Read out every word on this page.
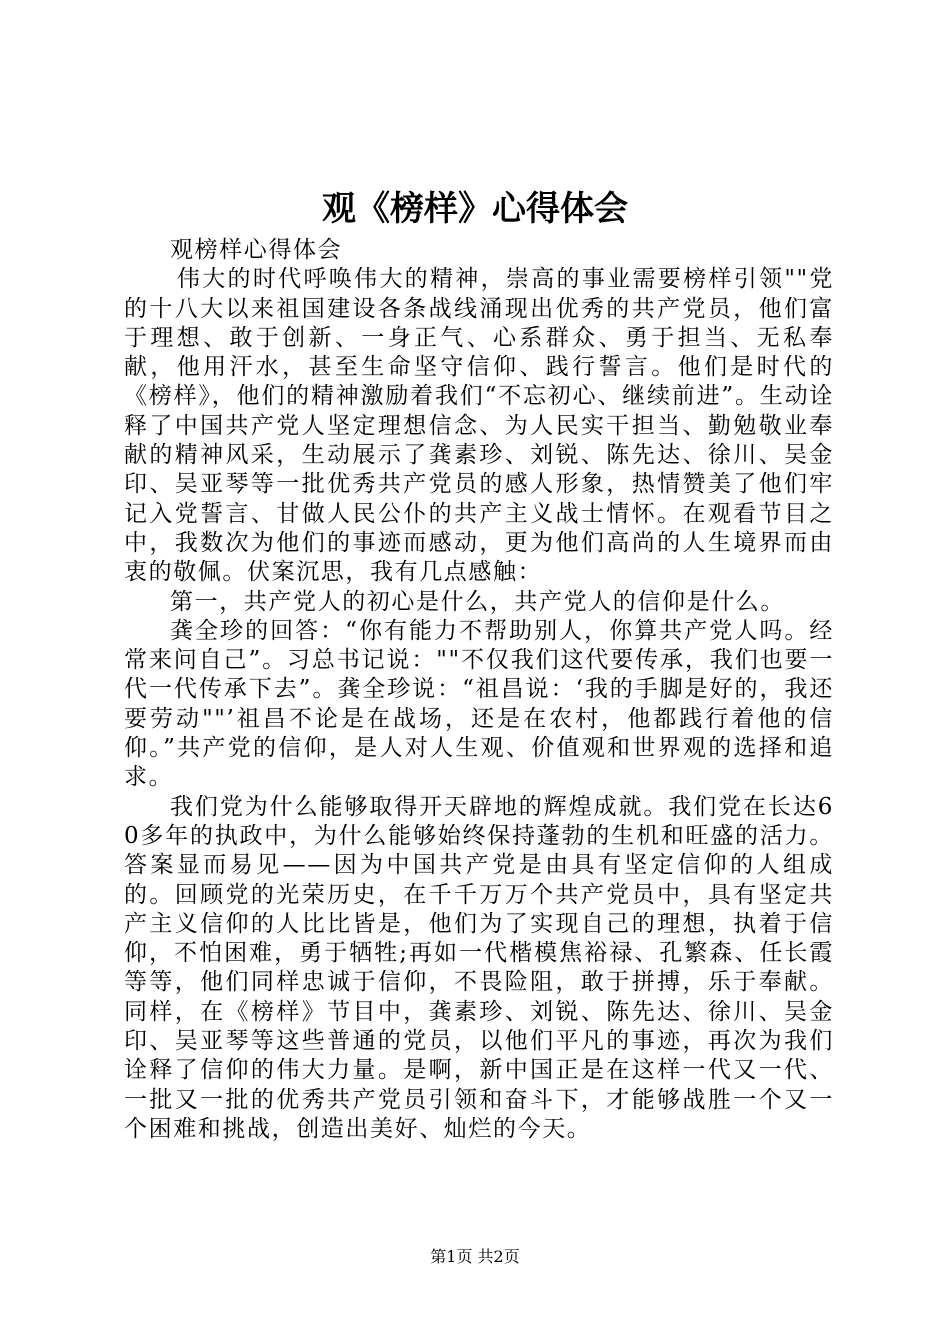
观《榜样》心得体会

观榜样心得体会

伟大的时代呼唤伟大的精神，崇高的事业需要榜样引领""党的十八大以来祖国建设各条战线涌现出优秀的共产党员，他们富于理想、敢于创新、一身正气、心系群众、勇于担当、无私奉献，他用汗水，甚至生命坚守信仰、践行誓言。他们是时代的《榜样》，他们的精神激励着我们“不忘初心、继续前进”。生动诠释了中国共产党人坚定理想信念、为人民实干担当、勤勉敬业奉献的精神风采，生动展示了龚素珍、刘锐、陈先达、徐川、吴金印、吴亚琴等一批优秀共产党员的感人形象，热情赞美了他们牢记入党誓言、甘做人民公仆的共产主义战士情怀。在观看节目之中，我数次为他们的事迹而感动，更为他们高尚的人生境界而由衷的敬佩。伏案沉思，我有几点感触：

第一，共产党人的初心是什么，共产党人的信仰是什么。

龚全珍的回答：“你有能力不帮助别人，你算共产党人吗。经常来问自己”。习总书记说：""不仅我们这代要传承，我们也要一代一代传承下去”。龚全珍说：“祖昌说：‘我的手脚是好的，我还要劳动""’祖昌不论是在战场，还是在农村，他都践行着他的信仰。”共产党的信仰，是人对人生观、价值观和世界观的选择和追求。

我们党为什么能够取得开天辟地的辉煌成就。我们党在长达60多年的执政中，为什么能够始终保持蓬勃的生机和旺盛的活力。答案显而易见——因为中国共产党是由具有坚定信仰的人组成的。回顾党的光荣历史，在千千万万个共产党员中，具有坚定共产主义信仰的人比比皆是，他们为了实现自己的理想，执着于信仰，不怕困难，勇于牺牲;再如一代楷模焦裕禄、孔繁森、任长霞等等，他们同样忠诚于信仰，不畏险阻，敢于拼搏，乐于奉献。同样，在《榜样》节目中，龚素珍、刘锐、陈先达、徐川、吴金印、吴亚琴等这些普通的党员，以他们平凡的事迹，再次为我们诠释了信仰的伟大力量。是啊，新中国正是在这样一代又一代、一批又一批的优秀共产党员引领和奋斗下，才能够战胜一个又一个困难和挑战，创造出美好、灿烂的今天。

第1页 共2页
